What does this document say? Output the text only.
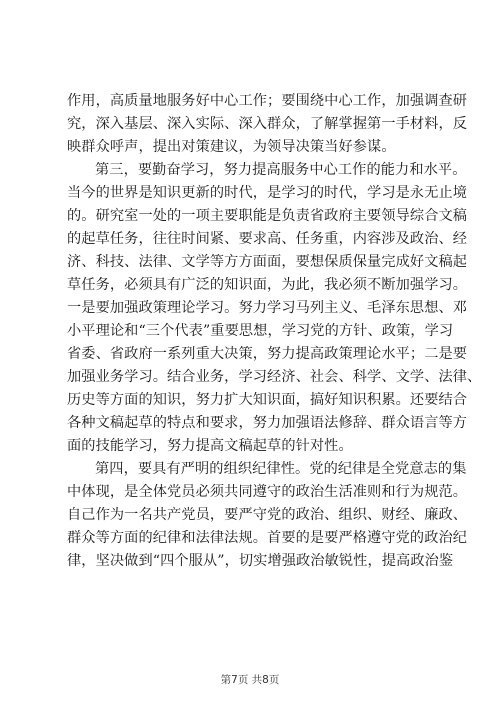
作用，高质量地服务好中心工作；要围绕中心工作，加强调查研
究，深入基层、深入实际、深入群众，了解掌握第一手材料，反
映群众呼声，提出对策建议，为领导决策当好参谋。
第三，要勤奋学习，努力提高服务中心工作的能力和水平。
当今的世界是知识更新的时代，是学习的时代，学习是永无止境
的。研究室一处的一项主要职能是负责省政府主要领导综合文稿
的起草任务，往往时间紧、要求高、任务重，内容涉及政治、经
济、科技、法律、文学等方方面面，要想保质保量完成好文稿起
草任务，必须具有广泛的知识面，为此，我必须不断加强学习。
一是要加强政策理论学习。努力学习马列主义、毛泽东思想、邓
小平理论和“三个代表”重要思想，学习党的方针、政策，学习
省委、省政府一系列重大决策，努力提高政策理论水平；二是要
加强业务学习。结合业务，学习经济、社会、科学、文学、法律、
历史等方面的知识，努力扩大知识面，搞好知识积累。还要结合
各种文稿起草的特点和要求，努力加强语法修辞、群众语言等方
面的技能学习，努力提高文稿起草的针对性。
第四，要具有严明的组织纪律性。党的纪律是全党意志的集
中体现，是全体党员必须共同遵守的政治生活准则和行为规范。
自己作为一名共产党员，要严守党的政治、组织、财经、廉政、
群众等方面的纪律和法律法规。首要的是要严格遵守党的政治纪
律，坚决做到“四个服从”，切实增强政治敏锐性，提高政治鉴
第7页 共8页
